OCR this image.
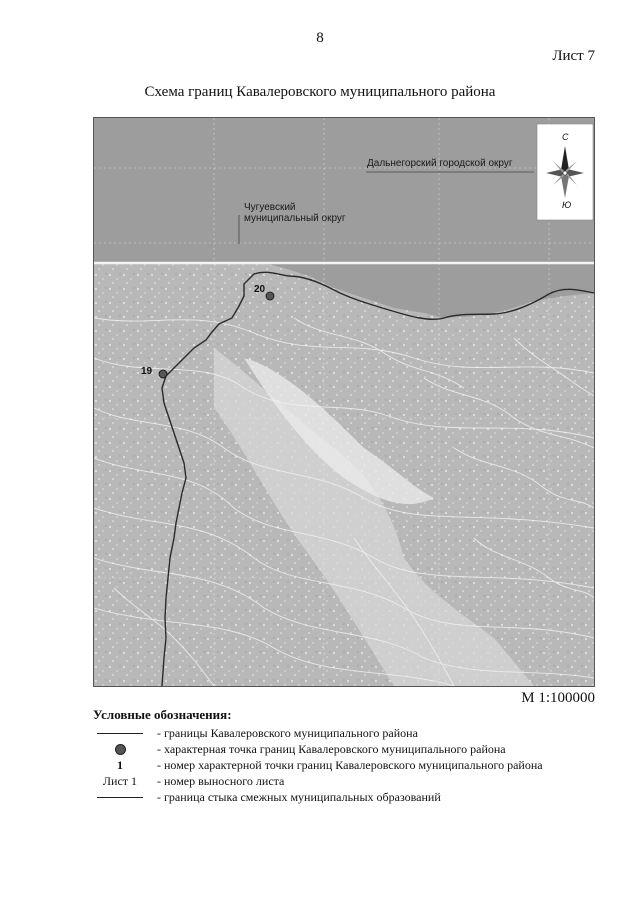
8
Лист 7
Схема границ Кавалеровского муниципального района
20
19
Дальнегорский городской округ
Чугуевский
муниципальный округ
С
Ю
М 1:100000
Условные обозначения:
- границы Кавалеровского муниципального района
- характерная точка границ Кавалеровского муниципального района
1	- номер характерной точки границ Кавалеровского муниципального района
Лист 1 - номер выносного листа
- граница стыка смежных муниципальных образований
